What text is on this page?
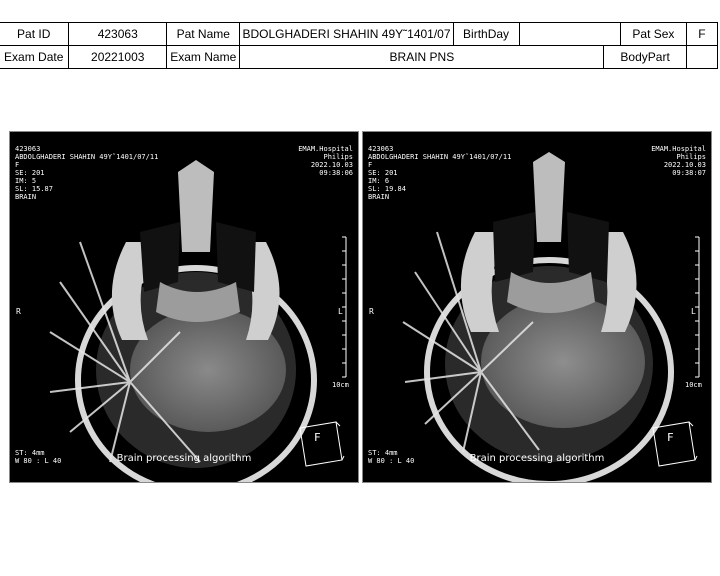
Pat ID	423063	Pat Name	BDOLGHADERI SHAHIN 49Y˜1401/07	BirthDay			Pat Sex	F
Exam Date	20221003	Exam Name	BRAIN PNS			BodyPart		
423063
ABDOLGHADERI SHAHIN 49Y˜1401/07/11
F
SE: 201
IM: 5
SL: 15.87
BRAIN
EMAM.Hospital
Philips
2022.10.03
09:38:06
R	L
10cm
ST: 4mm
W 80 : L 40	Brain processing algorithm
F
423063
ABDOLGHADERI SHAHIN 49Y˜1401/07/11
F
SE: 201
IM: 6
SL: 19.84
BRAIN
EMAM.Hospital
Philips
2022.10.03
09:38:07
R	L
10cm
ST: 4mm
W 80 : L 40	Brain processing algorithm
F
